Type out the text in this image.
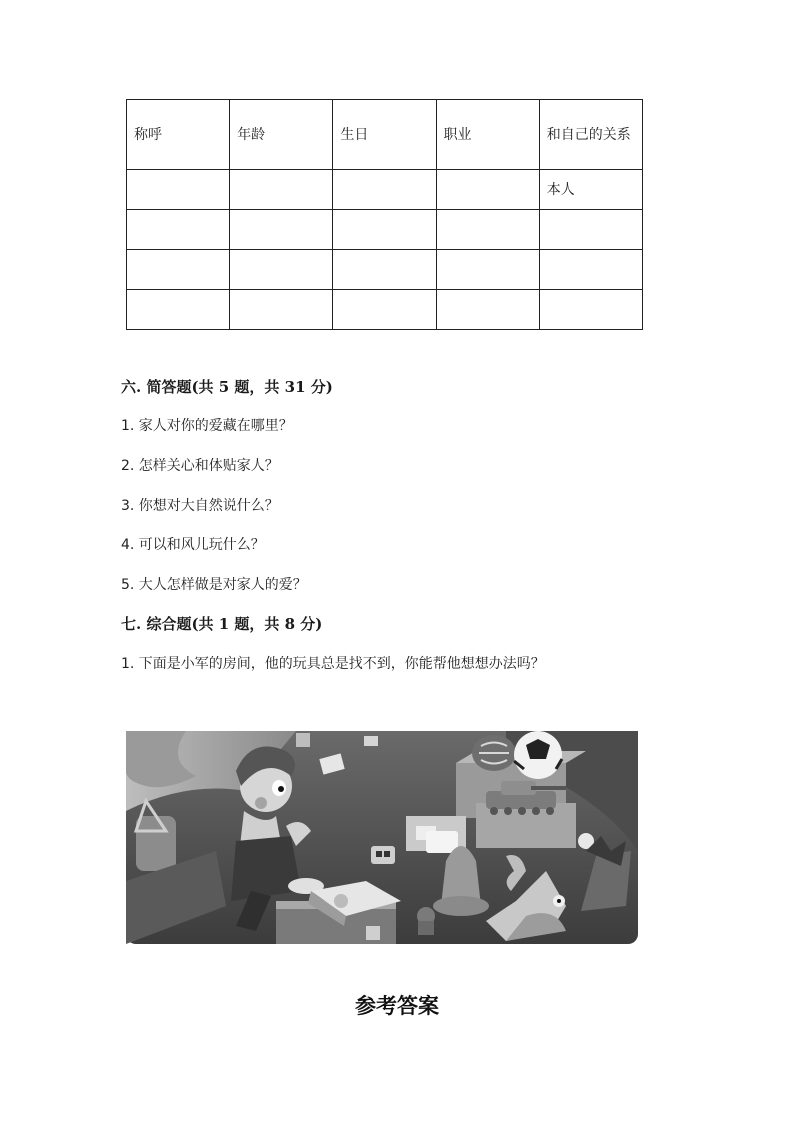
称呼	年龄	生日	职业	和自己的关系
				本人

六. 简答题(共 5 题，共 31 分)

1. 家人对你的爱藏在哪里？

2. 怎样关心和体贴家人？

3. 你想对大自然说什么？

4. 可以和风儿玩什么？

5. 大人怎样做是对家人的爱？

七. 综合题(共 1 题，共 8 分)

1. 下面是小军的房间，他的玩具总是找不到，你能帮他想想办法吗？

参考答案
